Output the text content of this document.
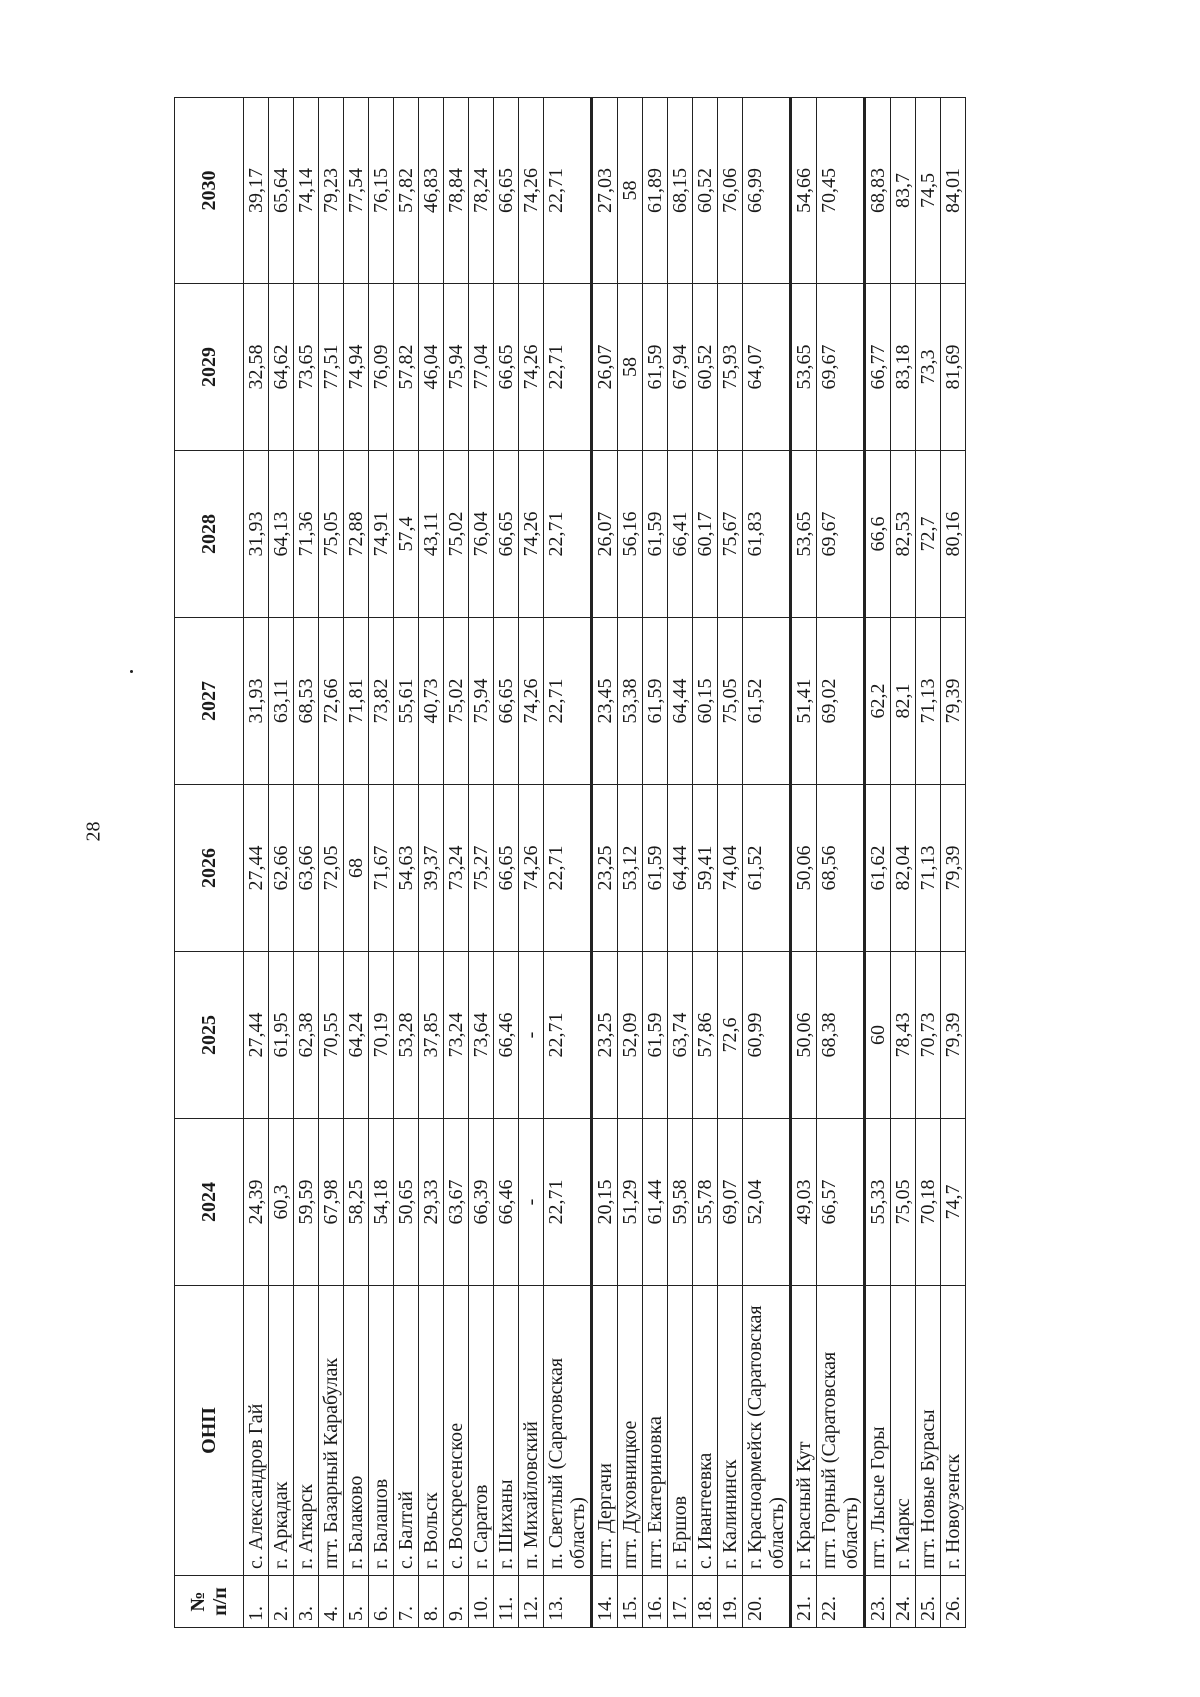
28
№ п/п	ОНП	2024	2025	2026	2027	2028	2029	2030
1.	с. Александров Гай	24,39	27,44	27,44	31,93	31,93	32,58	39,17
2.	г. Аркадак	60,3	61,95	62,66	63,11	64,13	64,62	65,64
3.	г. Аткарск	59,59	62,38	63,66	68,53	71,36	73,65	74,14
4.	пгт. Базарный Карабулак	67,98	70,55	72,05	72,66	75,05	77,51	79,23
5.	г. Балаково	58,25	64,24	68	71,81	72,88	74,94	77,54
6.	г. Балашов	54,18	70,19	71,67	73,82	74,91	76,09	76,15
7.	с. Балтай	50,65	53,28	54,63	55,61	57,4	57,82	57,82
8.	г. Вольск	29,33	37,85	39,37	40,73	43,11	46,04	46,83
9.	с. Воскресенское	63,67	73,24	73,24	75,02	75,02	75,94	78,84
10.	г. Саратов	66,39	73,64	75,27	75,94	76,04	77,04	78,24
11.	г. Шиханы	66,46	66,46	66,65	66,65	66,65	66,65	66,65
12.	п. Михайловский	-	-	74,26	74,26	74,26	74,26	74,26
13.	п. Светлый (Саратовская область)	22,71	22,71	22,71	22,71	22,71	22,71	22,71
14.	пгт. Дергачи	20,15	23,25	23,25	23,45	26,07	26,07	27,03
15.	пгт. Духовницкое	51,29	52,09	53,12	53,38	56,16	58	58
16.	пгт. Екатериновка	61,44	61,59	61,59	61,59	61,59	61,59	61,89
17.	г. Ершов	59,58	63,74	64,44	64,44	66,41	67,94	68,15
18.	с. Ивантеевка	55,78	57,86	59,41	60,15	60,17	60,52	60,52
19.	г. Калининск	69,07	72,6	74,04	75,05	75,67	75,93	76,06
20.	г. Красноармейск (Саратовская область)	52,04	60,99	61,52	61,52	61,83	64,07	66,99
21.	г. Красный Кут	49,03	50,06	50,06	51,41	53,65	53,65	54,66
22.	пгт. Горный (Саратовская область)	66,57	68,38	68,56	69,02	69,67	69,67	70,45
23.	пгт. Лысые Горы	55,33	60	61,62	62,2	66,6	66,77	68,83
24.	г. Маркс	75,05	78,43	82,04	82,1	82,53	83,18	83,7
25.	пгт. Новые Бурасы	70,18	70,73	71,13	71,13	72,7	73,3	74,5
26.	г. Новоузенск	74,7	79,39	79,39	79,39	80,16	81,69	84,01
